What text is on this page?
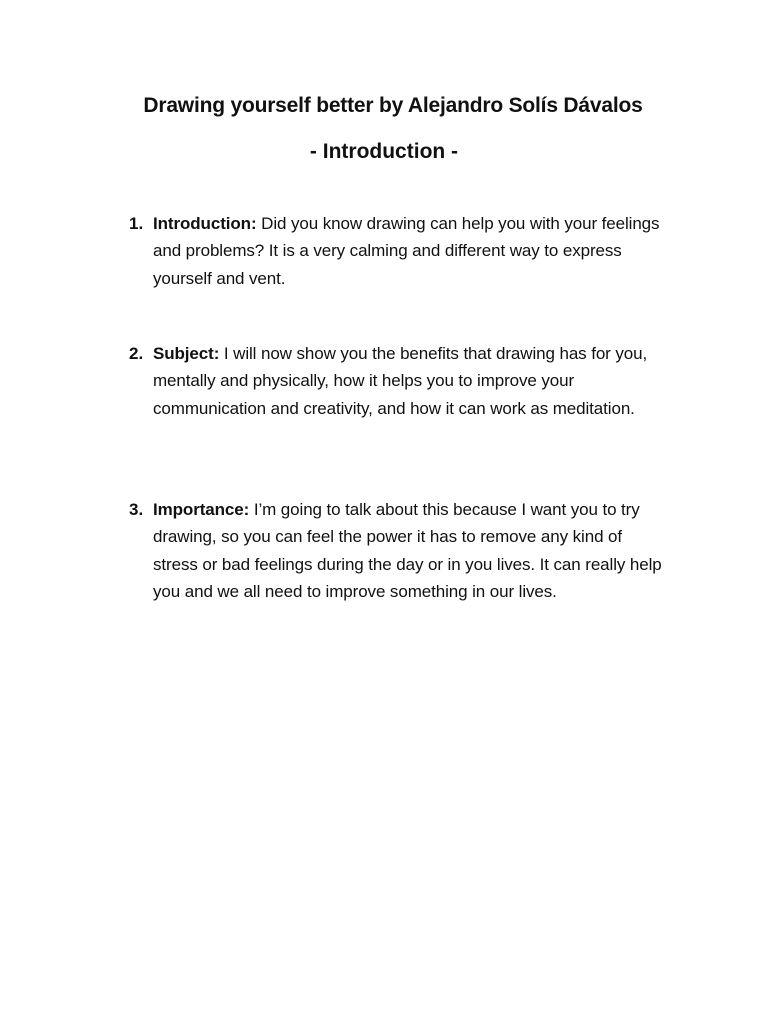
Drawing yourself better by Alejandro Solís Dávalos
- Introduction -
1. Introduction: Did you know drawing can help you with your feelings and problems? It is a very calming and different way to express yourself and vent.
2. Subject: I will now show you the benefits that drawing has for you, mentally and physically, how it helps you to improve your communication and creativity, and how it can work as meditation.
3. Importance: I’m going to talk about this because I want you to try drawing, so you can feel the power it has to remove any kind of stress or bad feelings during the day or in you lives. It can really help you and we all need to improve something in our lives.
